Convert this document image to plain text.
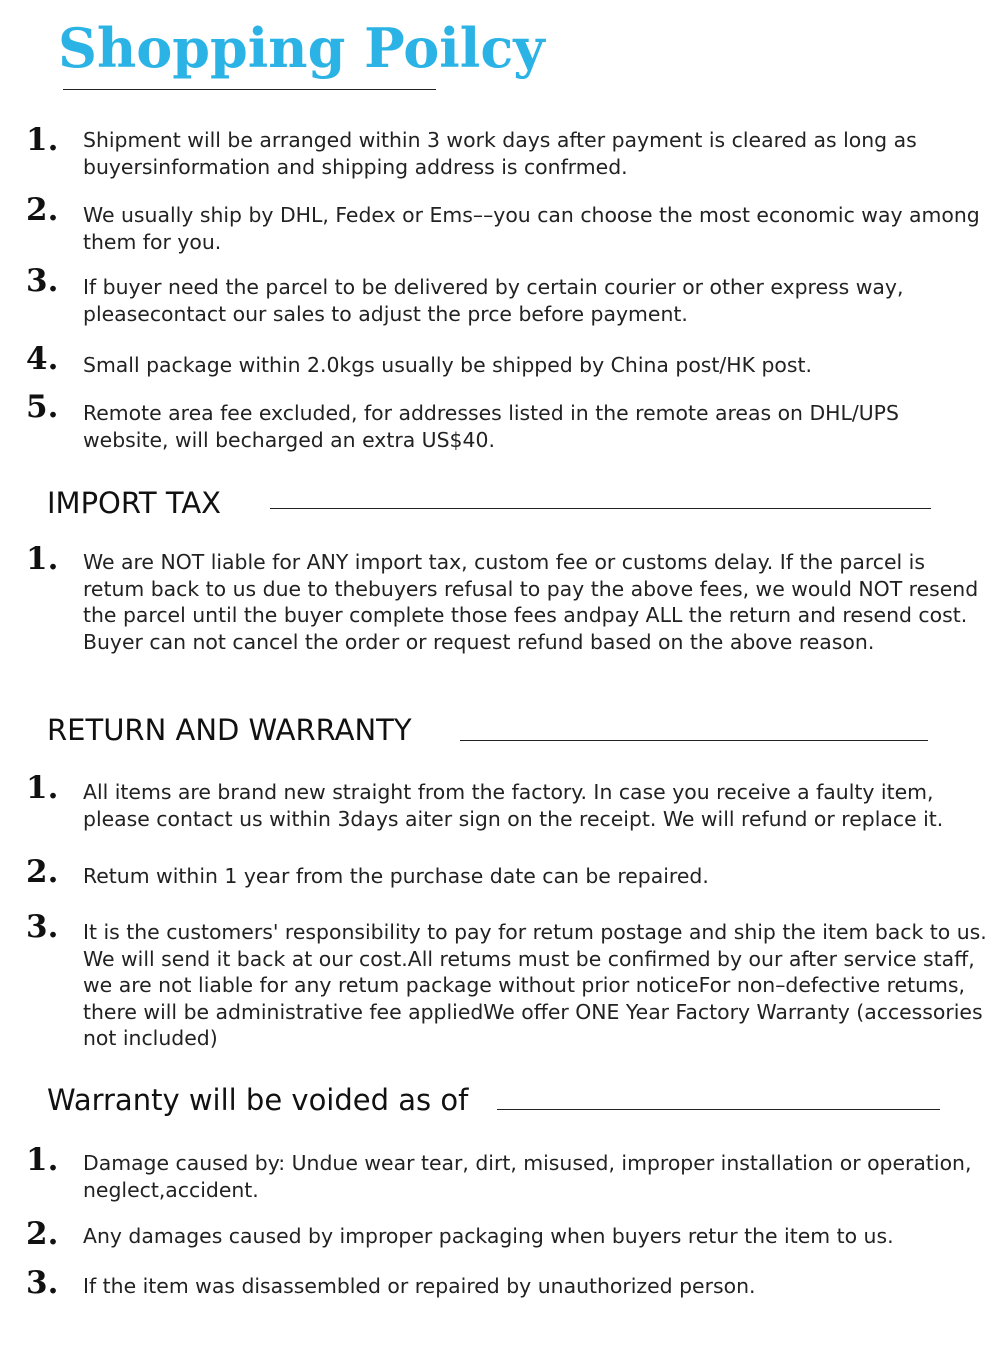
Shopping Poilcy
1. Shipment will be arranged within 3 work days after payment is cleared as long as buyersinformation and shipping address is confrmed.

2. We usually ship by DHL, Fedex or Ems––you can choose the most economic way among them for you.

3. If buyer need the parcel to be delivered by certain courier or other express way, pleasecontact our sales to adjust the prce before payment.

4. Small package within 2.0kgs usually be shipped by China post/HK post.

5. Remote area fee excluded, for addresses listed in the remote areas on DHL/UPS website, will becharged an extra US$40.

IMPORT TAX
1. We are NOT liable for ANY import tax, custom fee or customs delay. If the parcel is retum back to us due to thebuyers refusal to pay the above fees, we would NOT resend the parcel until the buyer complete those fees andpay ALL the return and resend cost. Buyer can not cancel the order or request refund based on the above reason.

RETURN AND WARRANTY
1. All items are brand new straight from the factory. In case you receive a faulty item, please contact us within 3days aiter sign on the receipt. We will refund or replace it.

2. Retum within 1 year from the purchase date can be repaired.

3. It is the customers' responsibility to pay for retum postage and ship the item back to us. We will send it back at our cost.All retums must be confirmed by our after service staff, we are not liable for any retum package without prior noticeFor non–defective retums, there will be administrative fee appliedWe offer ONE Year Factory Warranty (accessories not included)

Warranty will be voided as of
1. Damage caused by: Undue wear tear, dirt, misused, improper installation or operation, neglect,accident.

2. Any damages caused by improper packaging when buyers retur the item to us.

3. If the item was disassembled or repaired by unauthorized person.
